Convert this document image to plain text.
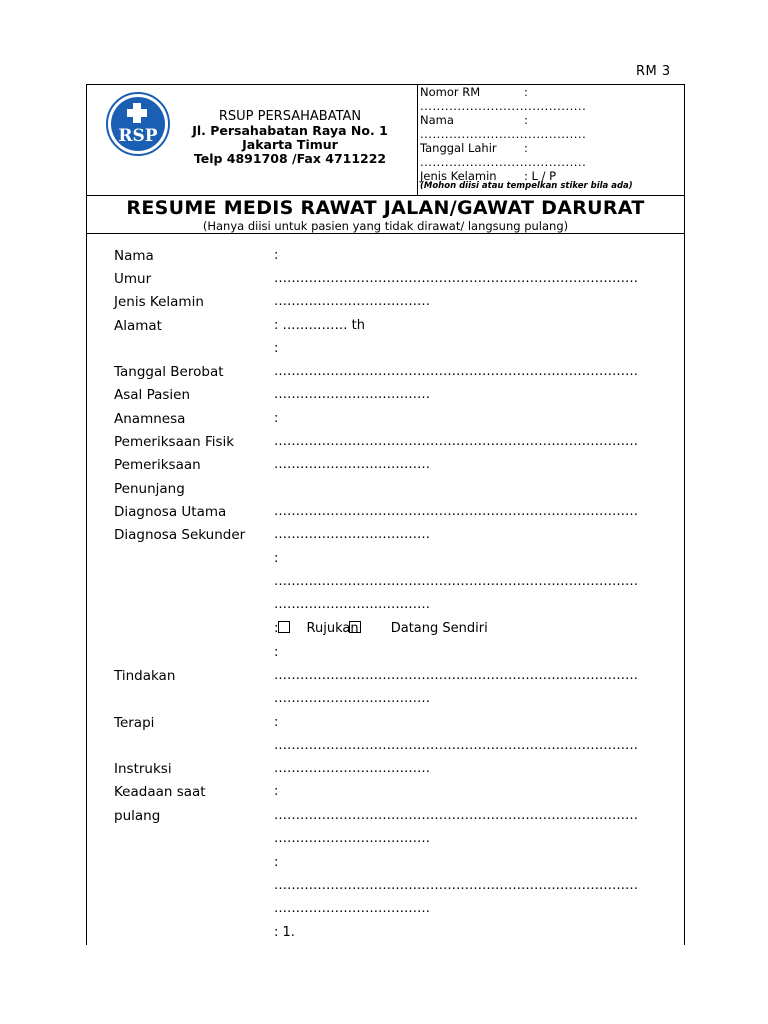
RM 3
RSP
RSUP PERSAHABATAN
Jl. Persahabatan Raya No. 1
Jakarta Timur
Telp 4891708 /Fax 4711222
Nomor RM	:
........................................
Nama	:
........................................
Tanggal Lahir :
........................................
Jenis Kelamin : L / P
(Mohon diisi atau tempelkan stiker bila ada)
RESUME MEDIS RAWAT JALAN/GAWAT DARURAT
(Hanya diisi untuk pasien yang tidak dirawat/ langsung pulang)
Nama
Umur
Jenis Kelamin
Alamat
Tanggal Berobat
Asal Pasien
Anamnesa
Pemeriksaan Fisik
Pemeriksaan
Penunjang
Diagnosa Utama
Diagnosa Sekunder
Tindakan
Terapi
Instruksi
Keadaan saat
pulang
:
…………………………………………………………………………
………………………………
: …………… th
:
…………………………………………………………………………
………………………………
:
…………………………………………………………………………
………………………………
…………………………………………………………………………
………………………………
:
…………………………………………………………………………
………………………………
: Rujukan Datang Sendiri
:
…………………………………………………………………………
………………………………
:
…………………………………………………………………………
………………………………
:
…………………………………………………………………………
………………………………
:
…………………………………………………………………………
………………………………
: 1.
